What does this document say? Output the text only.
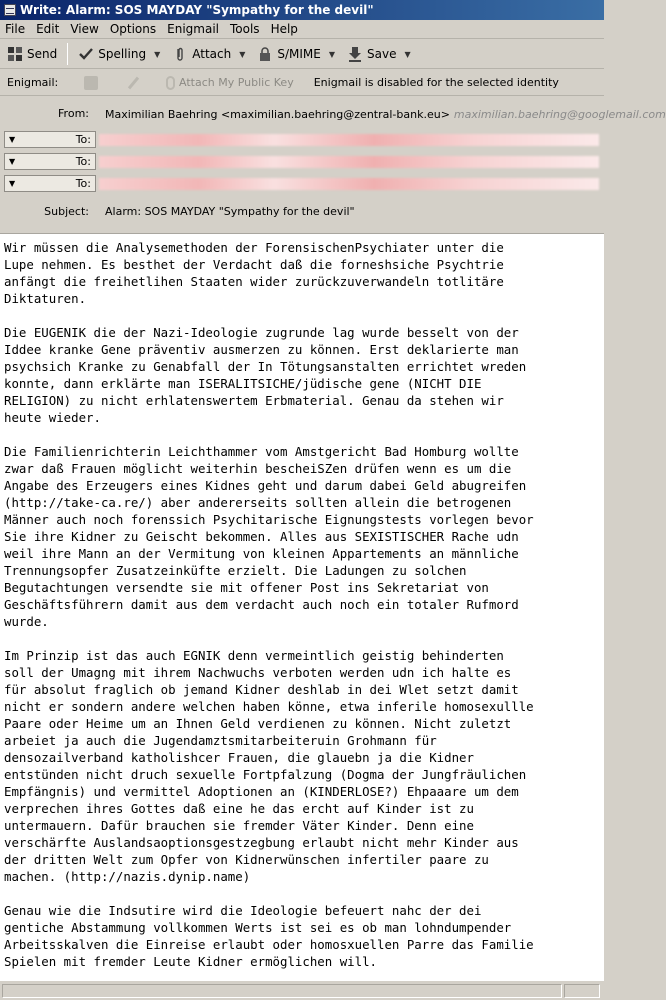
Write: Alarm: SOS MAYDAY "Sympathy for the devil"
File Edit View Options Enigmail Tools Help
Send	Spelling	▼	Attach	▼	S/MIME	▼	Save	▼
Enigmail:	Attach My Public Key Enigmail is disabled for the selected identity
From: Maximilian Baehring <maximilian.baehring@zentral-bank.eu> maximilian.baehring@googlemail.com
▼	To:
▼	To:
▼	To:
Subject: Alarm: SOS MAYDAY "Sympathy for the devil"
Wir müssen die Analysemethoden der ForensischenPsychiater unter die
Lupe nehmen. Es besthet der Verdacht daß die forneshsiche Psychtrie
anfängt die freihetlihen Staaten wider zurückzuverwandeln totlitäre
Diktaturen.

Die EUGENIK die der Nazi-Ideologie zugrunde lag wurde besselt von der
Iddee kranke Gene präventiv ausmerzen zu können. Erst deklarierte man
psychsich Kranke zu Genabfall der In Tötungsanstalten errichtet wreden
konnte, dann erklärte man ISERALITSICHE/jüdische gene (NICHT DIE
RELIGION) zu nicht erhlatenswertem Erbmaterial. Genau da stehen wir
heute wieder.

Die Familienrichterin Leichthammer vom Amstgericht Bad Homburg wollte
zwar daß Frauen möglicht weiterhin bescheiSZen drüfen wenn es um die
Angabe des Erzeugers eines Kidnes geht und darum dabei Geld abugreifen
(http://take-ca.re/) aber andererseits sollten allein die betrogenen
Männer auch noch forenssich Psychitarische Eignungstests vorlegen bevor
Sie ihre Kidner zu Geischt bekommen. Alles aus SEXISTISCHER Rache udn
weil ihre Mann an der Vermitung von kleinen Appartements an männliche
Trennungsopfer Zusatzeinküfte erzielt. Die Ladungen zu solchen
Begutachtungen versendte sie mit offener Post ins Sekretariat von
Geschäftsführern damit aus dem verdacht auch noch ein totaler Rufmord
wurde.

Im Prinzip ist das auch EGNIK denn vermeintlich geistig behinderten
soll der Umagng mit ihrem Nachwuchs verboten werden udn ich halte es
für absolut fraglich ob jemand Kidner deshlab in dei Wlet setzt damit
nicht er sondern andere welchen haben könne, etwa inferile homosexullle
Paare oder Heime um an Ihnen Geld verdienen zu können. Nicht zuletzt
arbeiet ja auch die Jugendamztsmitarbeiteruin Grohmann für
densozailverband katholishcer Frauen, die glauebn ja die Kidner
entstünden nicht druch sexuelle Fortpfalzung (Dogma der Jungfräulichen
Empfängnis) und vermittel Adoptionen an (KINDERLOSE?) Ehpaaare um dem
verprechen ihres Gottes daß eine he das ercht auf Kinder ist zu
untermauern. Dafür brauchen sie fremder Väter Kinder. Denn eine
verschärfte Auslandsaoptionsgestzegbung erlaubt nicht mehr Kinder aus
der dritten Welt zum Opfer von Kidnerwünschen infertiler paare zu
machen. (http://nazis.dynip.name)

Genau wie die Indsutire wird die Ideologie befeuert nahc der dei
gentiche Abstammung vollkommen Werts ist sei es ob man lohndumpender
Arbeitsskalven die Einreise erlaubt oder homosxuellen Parre das Familie
Spielen mit fremder Leute Kidner ermöglichen will.
